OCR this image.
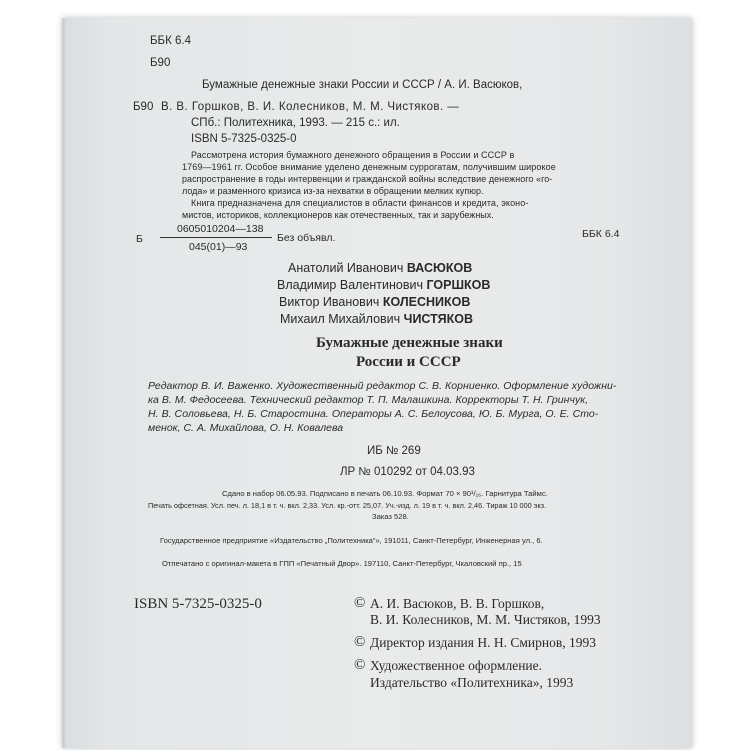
ББК 6.4
Б90
Б90
Бумажные денежные знаки России и СССР / А. И. Васюков,
В. В. Горшков, В. И. Колесников, М. М. Чистяков. —
СПб.: Политехника, 1993. — 215 с.: ил.
ISBN 5-7325-0325-0
Рассмотрена история бумажного денежного обращения в России и СССР в
1769—1961 гг. Особое внимание уделено денежным суррогатам, получившим широкое
распространение в годы интервенции и гражданской войны вследствие денежного «го-
лода» и разменного кризиса из-за нехватки в обращении мелких купюр.
Книга предназначена для специалистов в области финансов и кредита, эконо-
мистов, историков, коллекционеров как отечественных, так и зарубежных.
Б
0605010204—138
045(01)—93
Без объявл.	ББК 6.4
Анатолий Иванович ВАСЮКОВ
Владимир Валентинович ГОРШКОВ
Виктор Иванович КОЛЕСНИКОВ
Михаил Михайлович ЧИСТЯКОВ
Бумажные денежные знаки
России и СССР
Редактор В. И. Важенко. Художественный редактор С. В. Корниенко. Оформление художни-
ка В. М. Федосеева. Технический редактор Т. П. Малашкина. Корректоры Т. Н. Гринчук,
Н. В. Соловьева, Н. Б. Старостина. Операторы А. С. Белоусова, Ю. Б. Мурга, О. Е. Сто-
менок, С. А. Михайлова, О. Н. Ковалева
ИБ № 269
ЛР № 010292 от 04.03.93
Сдано в набор 06.05.93. Подписано в печать 06.10.93. Формат 70 × 90¹/₁₆. Гарнитура Таймс.
Печать офсетная. Усл. печ. л. 18,1 в т. ч. вкл. 2,33. Усл. кр.-отт. 25,07. Уч.-изд. л. 19 в т. ч. вкл. 2,46. Тираж 10 000 экз.
Заказ 528.
Государственное предприятие «Издательство „Политехника“», 191011, Санкт-Петербург, Инженерная ул., 6.
Отпечатано с оригинал-макета в ГПП «Печатный Двор». 197110, Санкт-Петербург, Чкаловский пр., 15
ISBN 5-7325-0325-0	© А. И. Васюков, В. В. Горшков,
В. И. Колесников, М. М. Чистяков, 1993
© Директор издания Н. Н. Смирнов, 1993
© Художественное оформление.
Издательство «Политехника», 1993
